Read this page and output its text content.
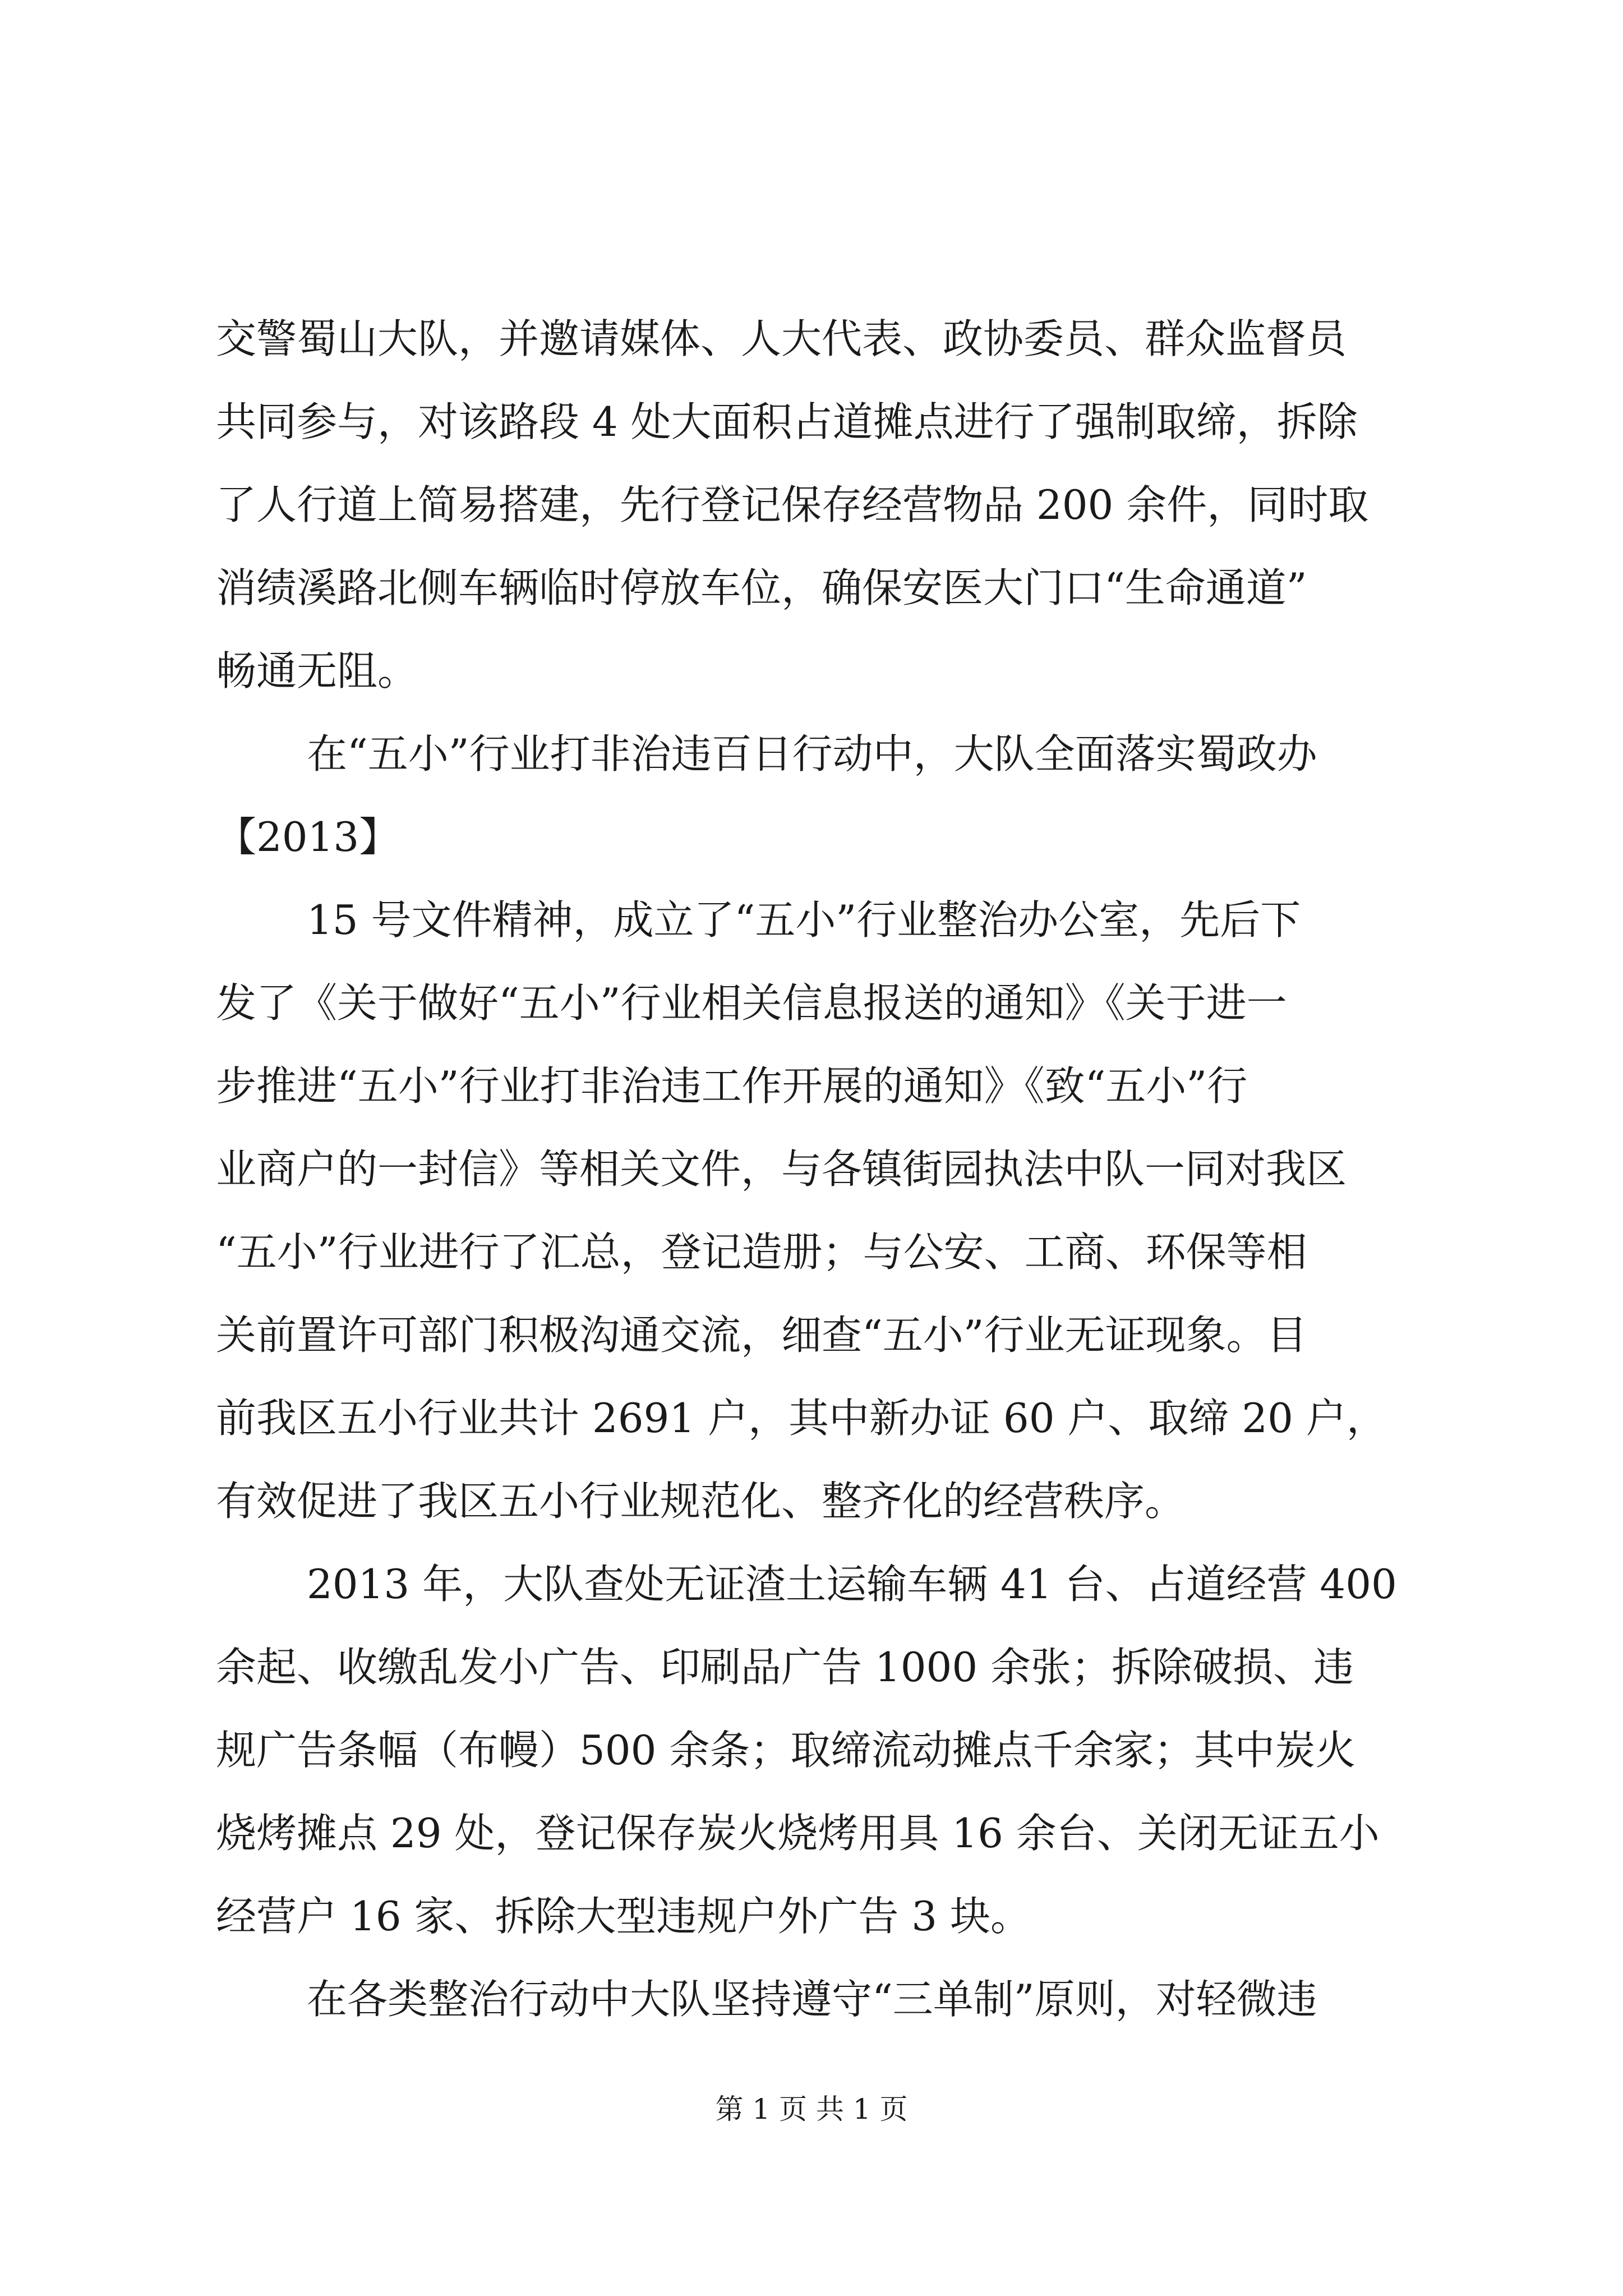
交警蜀山大队，并邀请媒体、人大代表、政协委员、群众监督员
共同参与，对该路段 4 处大面积占道摊点进行了强制取缔，拆除
了人行道上简易搭建，先行登记保存经营物品 200 余件，同时取
消绩溪路北侧车辆临时停放车位，确保安医大门口“生命通道”
畅通无阻。
在“五小”行业打非治违百日行动中，大队全面落实蜀政办
【2013】
15 号文件精神，成立了“五小”行业整治办公室，先后下
发了《关于做好“五小”行业相关信息报送的通知》《关于进一
步推进“五小”行业打非治违工作开展的通知》《致“五小”行
业商户的一封信》等相关文件，与各镇街园执法中队一同对我区
“五小”行业进行了汇总，登记造册；与公安、工商、环保等相
关前置许可部门积极沟通交流，细查“五小”行业无证现象。目
前我区五小行业共计 2691 户，其中新办证 60 户、取缔 20 户，
有效促进了我区五小行业规范化、整齐化的经营秩序。
2013 年，大队查处无证渣土运输车辆 41 台、占道经营 400
余起、收缴乱发小广告、印刷品广告 1000 余张；拆除破损、违
规广告条幅（布幔）500 余条；取缔流动摊点千余家；其中炭火
烧烤摊点 29 处，登记保存炭火烧烤用具 16 余台、关闭无证五小
经营户 16 家、拆除大型违规户外广告 3 块。
在各类整治行动中大队坚持遵守“三单制”原则，对轻微违
第 1 页 共 1 页
